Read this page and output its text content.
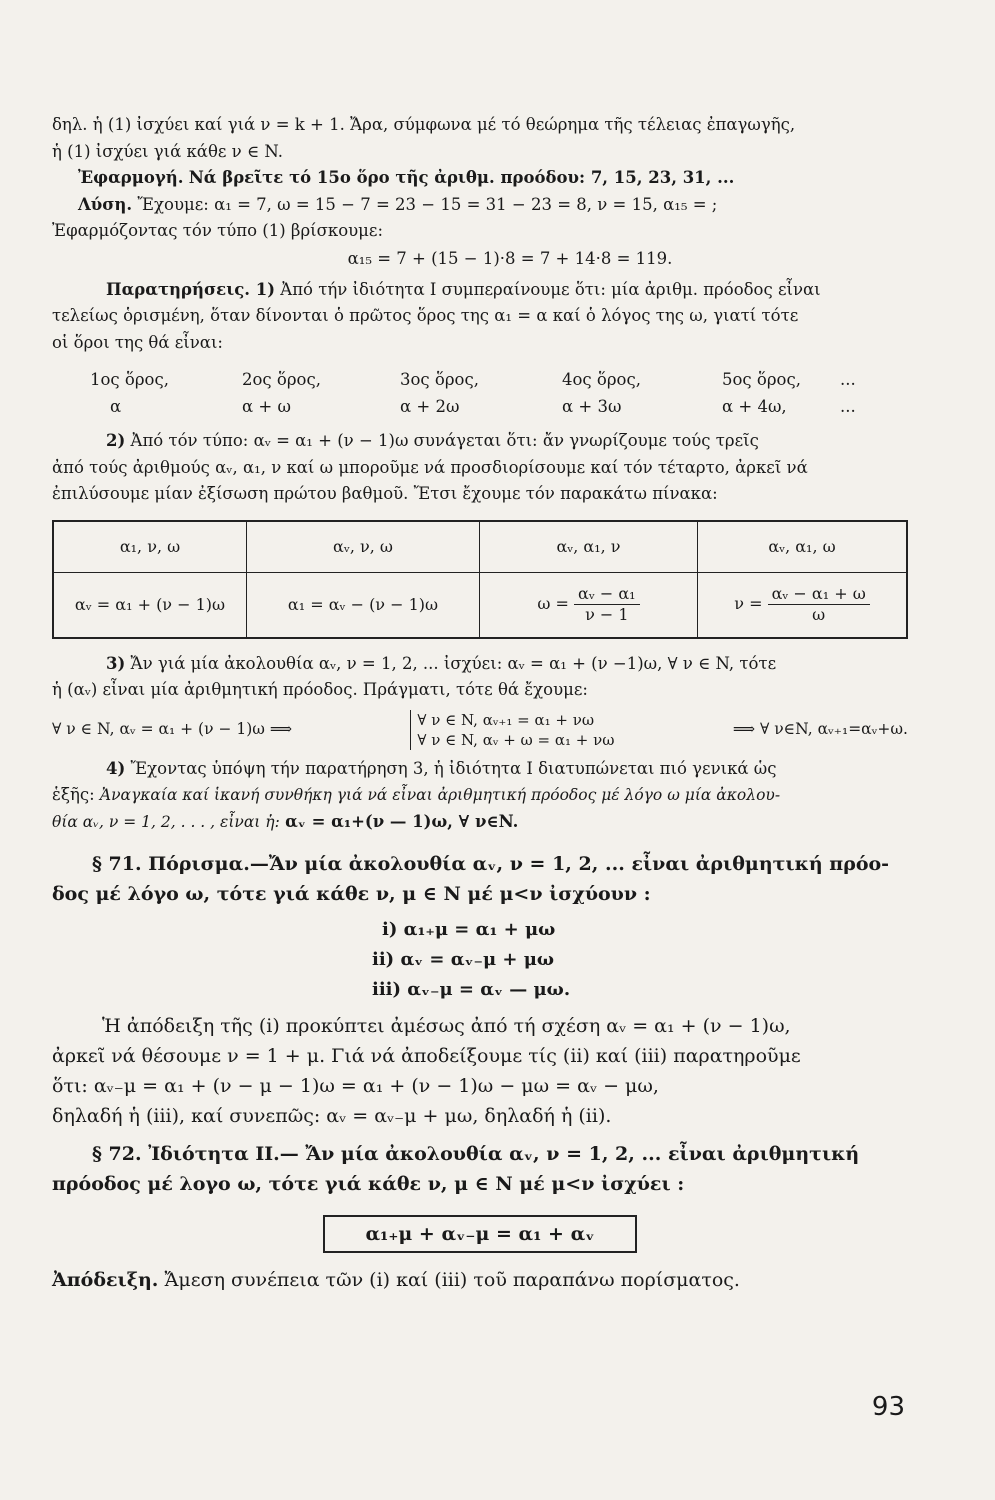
δηλ. ἡ (1) ἰσχύει καί γιά ν = k + 1. Ἄρα, σύμφωνα μέ τό θεώρημα τῆς τέλειας ἐπαγωγῆς,

ἡ (1) ἰσχύει γιά κάθε ν ∈ N.

Ἐφαρμογή. Νά βρεῖτε τό 15ο ὅρο τῆς ἀριθμ. προόδου: 7, 15, 23, 31, ...

Λύση. Ἔχουμε: α₁ = 7, ω = 15 − 7 = 23 − 15 = 31 − 23 = 8, ν = 15, α₁₅ = ;

Ἐφαρμόζοντας τόν τύπο (1) βρίσκουμε:

α₁₅ = 7 + (15 − 1)·8 = 7 + 14·8 = 119.

Παρατηρήσεις. 1) Ἀπό τήν ἰδιότητα I συμπεραίνουμε ὅτι: μία ἀριθμ. πρόοδος εἶναι

τελείως ὁρισμένη, ὅταν δίνονται ὁ πρῶτος ὅρος της α₁ = α καί ὁ λόγος της ω, γιατί τότε

οἱ ὅροι της θά εἶναι:

1ος ὅρος,	2ος ὅρος,	3ος ὅρος,	4ος ὅρος,	5ος ὅρος,	...
α	α + ω	α + 2ω	α + 3ω	α + 4ω,	...

2) Ἀπό τόν τύπο: αᵥ = α₁ + (ν − 1)ω συνάγεται ὅτι: ἄν γνωρίζουμε τούς τρεῖς

ἀπό τούς ἀριθμούς αᵥ, α₁, ν καί ω μποροῦμε νά προσδιορίσουμε καί τόν τέταρτο, ἀρκεῖ νά

ἐπιλύσουμε μίαν ἐξίσωση πρώτου βαθμοῦ. Ἔτσι ἔχουμε τόν παρακάτω πίνακα:

α₁, ν, ω	αᵥ, ν, ω	αᵥ, α₁, ν	αᵥ, α₁, ω
αᵥ = α₁ + (ν − 1)ω	α₁ = αᵥ − (ν − 1)ω	$\omega = \frac{\text{αᵥ − α₁}}{\nu - 1}$	$\nu = \frac{\text{αᵥ − α₁ + ω}}{\omega}$

3) Ἄν γιά μία ἀκολουθία αᵥ, ν = 1, 2, ... ἰσχύει: αᵥ = α₁ + (ν −1)ω, ∀ ν ∈ N, τότε

ἡ (αᵥ) εἶναι μία ἀριθμητική πρόοδος. Πράγματι, τότε θά ἔχουμε:

∀ ν ∈ N, αᵥ = α₁ + (ν − 1)ω ⟹
∀ ν ∈ N, αᵥ₊₁ = α₁ + νω
∀ ν ∈ N, αᵥ + ω = α₁ + νω
⟹ ∀ ν∈N, αᵥ₊₁=αᵥ+ω.

4) Ἔχοντας ὑπόψη τήν παρατήρηση 3, ἡ ἰδιότητα I διατυπώνεται πιό γενικά ὡς

ἑξῆς: Ἀναγκαία καί ἱκανή συνθήκη γιά νά εἶναι ἀριθμητική πρόοδος μέ λόγο ω μία ἀκολου-

θία αᵥ, ν = 1, 2, . . . , εἶναι ἡ: αᵥ = α₁+(ν — 1)ω, ∀ ν∈N.

§ 71. Πόρισμα.—Ἄν μία ἀκολουθία αᵥ, ν = 1, 2, ... εἶναι ἀριθμητική πρόο-

δος μέ λόγο ω, τότε γιά κάθε ν, μ ∈ N μέ μ<ν ἰσχύουν :

i) α₁₊μ = α₁ + μω

ii) αᵥ = αᵥ₋μ + μω

iii) αᵥ₋μ = αᵥ — μω.

Ἡ ἀπόδειξη τῆς (i) προκύπτει ἀμέσως ἀπό τή σχέση αᵥ = α₁ + (ν − 1)ω,

ἀρκεῖ νά θέσουμε ν = 1 + μ. Γιά νά ἀποδείξουμε τίς (ii) καί (iii) παρατηροῦμε

ὅτι: αᵥ₋μ = α₁ + (ν − μ − 1)ω = α₁ + (ν − 1)ω − μω = αᵥ − μω,

δηλαδή ἡ (iii), καί συνεπῶς: αᵥ = αᵥ₋μ + μω, δηλαδή ἡ (ii).

§ 72. Ἰδιότητα II.— Ἄν μία ἀκολουθία αᵥ, ν = 1, 2, ... εἶναι ἀριθμητική

πρόοδος μέ λογο ω, τότε γιά κάθε ν, μ ∈ N μέ μ<ν ἰσχύει :

α₁₊μ + αᵥ₋μ = α₁ + αᵥ

Ἀπόδειξη. Ἄμεση συνέπεια τῶν (i) καί (iii) τοῦ παραπάνω πορίσματος.

93
